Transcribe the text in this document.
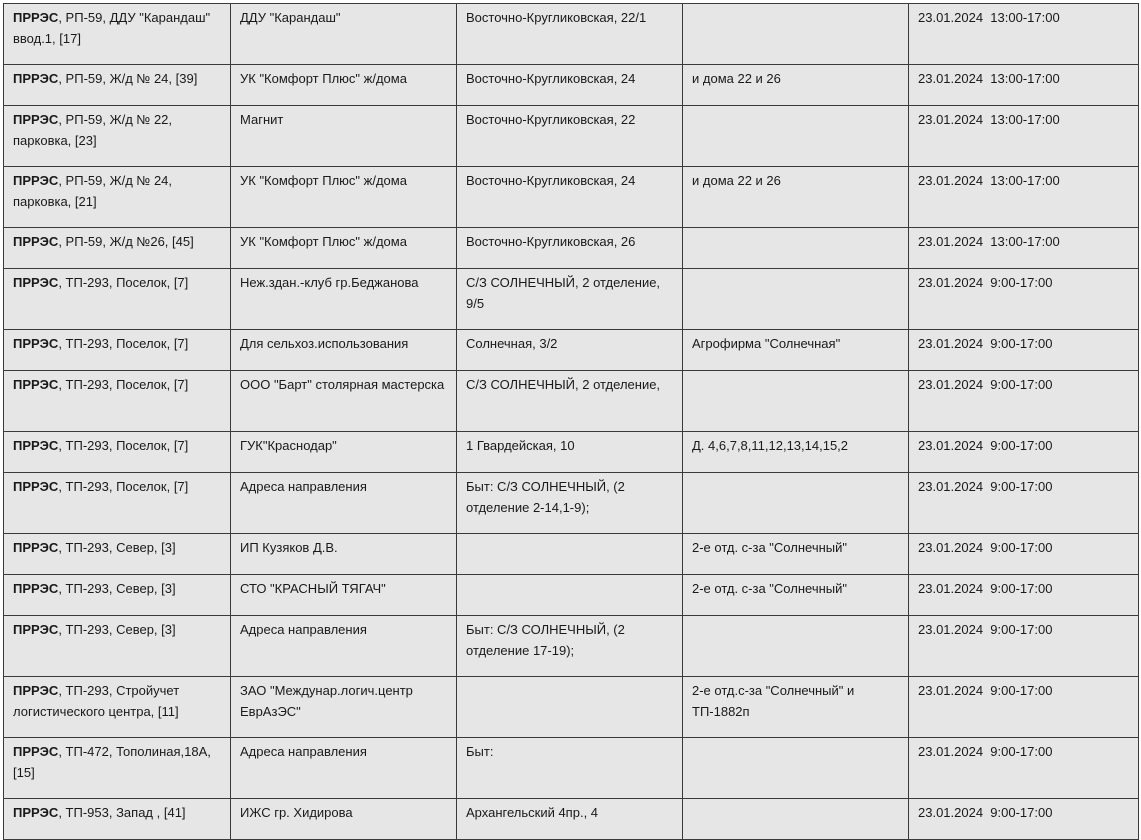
ПРРЭС, РП-59, ДДУ "Карандаш" ввод.1, [17]	ДДУ "Карандаш"	Восточно-Кругликовская, 22/1		23.01.2024  13:00-17:00
ПРРЭС, РП-59, Ж/д № 24, [39]	УК "Комфорт Плюс" ж/дома	Восточно-Кругликовская, 24	и дома 22 и 26	23.01.2024  13:00-17:00
ПРРЭС, РП-59, Ж/д № 22, парковка, [23]	Магнит	Восточно-Кругликовская, 22		23.01.2024  13:00-17:00
ПРРЭС, РП-59, Ж/д № 24, парковка, [21]	УК "Комфорт Плюс" ж/дома	Восточно-Кругликовская, 24	и дома 22 и 26	23.01.2024  13:00-17:00
ПРРЭС, РП-59, Ж/д №26, [45]	УК "Комфорт Плюс" ж/дома	Восточно-Кругликовская, 26		23.01.2024  13:00-17:00
ПРРЭС, ТП-293, Поселок, [7]	Неж.здан.-клуб гр.Беджанова	С/З СОЛНЕЧНЫЙ, 2 отделение, 9/5		23.01.2024  9:00-17:00
ПРРЭС, ТП-293, Поселок, [7]	Для сельхоз.использования	Солнечная, 3/2	Агрофирма "Солнечная"	23.01.2024  9:00-17:00
ПРРЭС, ТП-293, Поселок, [7]	ООО "Барт" столярная мастерска	С/З СОЛНЕЧНЫЙ, 2 отделение,		23.01.2024  9:00-17:00
ПРРЭС, ТП-293, Поселок, [7]	ГУК"Краснодар"	1 Гвардейская, 10	Д. 4,6,7,8,11,12,13,14,15,2	23.01.2024  9:00-17:00
ПРРЭС, ТП-293, Поселок, [7]	Адреса направления	Быт: С/З СОЛНЕЧНЫЙ, (2 отделение 2-14,1-9);		23.01.2024  9:00-17:00
ПРРЭС, ТП-293, Север, [3]	ИП Кузяков Д.В.		2-е отд. с-за "Солнечный"	23.01.2024  9:00-17:00
ПРРЭС, ТП-293, Север, [3]	СТО "КРАСНЫЙ ТЯГАЧ"		2-е отд. с-за "Солнечный"	23.01.2024  9:00-17:00
ПРРЭС, ТП-293, Север, [3]	Адреса направления	Быт: С/З СОЛНЕЧНЫЙ, (2 отделение 17-19);		23.01.2024  9:00-17:00
ПРРЭС, ТП-293, Стройучет логистического центра, [11]	ЗАО "Междунар.логич.центр ЕврАзЭС"		2-е отд.с-за "Солнечный" и ТП-1882п	23.01.2024  9:00-17:00
ПРРЭС, ТП-472, Тополиная,18А, [15]	Адреса направления	Быт:		23.01.2024  9:00-17:00
ПРРЭС, ТП-953, Запад , [41]	ИЖС гр. Хидирова	Архангельский 4пр., 4		23.01.2024  9:00-17:00
